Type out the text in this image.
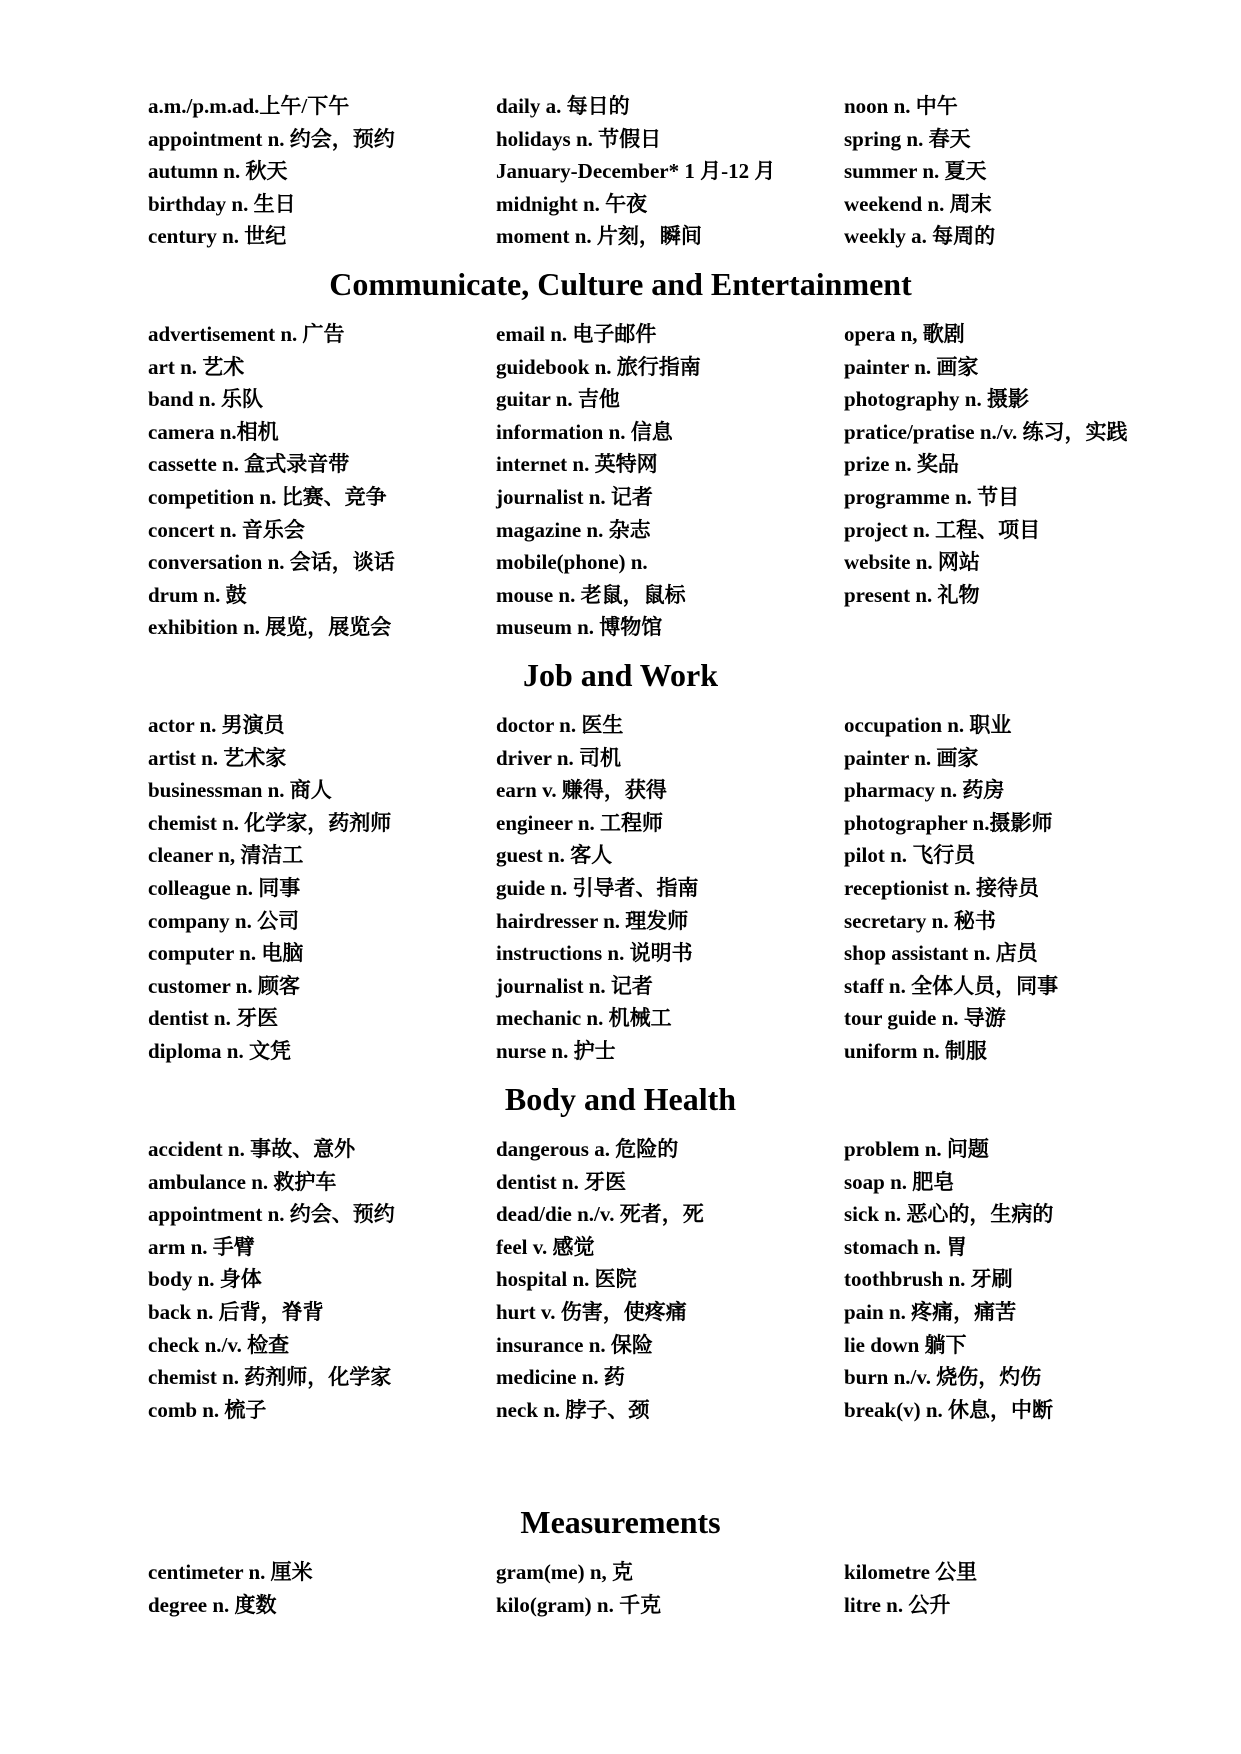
a.m./p.m.ad.上午/下午
appointment n. 约会，预约
autumn n. 秋天
birthday n. 生日
century n. 世纪
daily a. 每日的
holidays n. 节假日
January-December* 1 月-12 月
midnight n. 午夜
moment n. 片刻，瞬间
noon n. 中午
spring n. 春天
summer n. 夏天
weekend n. 周末
weekly a. 每周的
Communicate, Culture and Entertainment
advertisement n. 广告
art n. 艺术
band n. 乐队
camera n.相机
cassette n. 盒式录音带
competition n. 比赛、竞争
concert n. 音乐会
conversation n. 会话，谈话
drum n. 鼓
exhibition n. 展览，展览会
email n. 电子邮件
guidebook n. 旅行指南
guitar n. 吉他
information n. 信息
internet n. 英特网
journalist n. 记者
magazine n. 杂志
mobile(phone) n.
mouse n. 老鼠，鼠标
museum n. 博物馆
opera n, 歌剧
painter n. 画家
photography n. 摄影
pratice/pratise n./v. 练习，实践
prize n. 奖品
programme n. 节目
project n. 工程、项目
website n. 网站
present n. 礼物
Job and Work
actor n. 男演员
artist n. 艺术家
businessman n. 商人
chemist n. 化学家，药剂师
cleaner n, 清洁工
colleague n. 同事
company n. 公司
computer n. 电脑
customer n. 顾客
dentist n. 牙医
diploma n. 文凭
doctor n. 医生
driver n. 司机
earn v. 赚得，获得
engineer n. 工程师
guest n. 客人
guide n. 引导者、指南
hairdresser n. 理发师
instructions n. 说明书
journalist n. 记者
mechanic n. 机械工
nurse n. 护士
occupation n. 职业
painter n. 画家
pharmacy n. 药房
photographer n.摄影师
pilot n. 飞行员
receptionist n. 接待员
secretary n. 秘书
shop assistant n. 店员
staff n. 全体人员，同事
tour guide n. 导游
uniform n. 制服
Body and Health
accident n. 事故、意外
ambulance n. 救护车
appointment n. 约会、预约
arm n. 手臂
body n. 身体
back n. 后背，脊背
check n./v. 检查
chemist n. 药剂师，化学家
comb n. 梳子
dangerous a. 危险的
dentist n. 牙医
dead/die n./v. 死者，死
feel v. 感觉
hospital n. 医院
hurt v. 伤害，使疼痛
insurance n. 保险
medicine n. 药
neck n. 脖子、颈
problem n. 问题
soap n. 肥皂
sick n. 恶心的，生病的
stomach n. 胃
toothbrush n. 牙刷
pain n. 疼痛，痛苦
lie down 躺下
burn n./v. 烧伤，灼伤
break(v) n. 休息，中断
Measurements
centimeter n. 厘米
degree n. 度数
gram(me) n, 克
kilo(gram) n. 千克
kilometre 公里
litre n. 公升
